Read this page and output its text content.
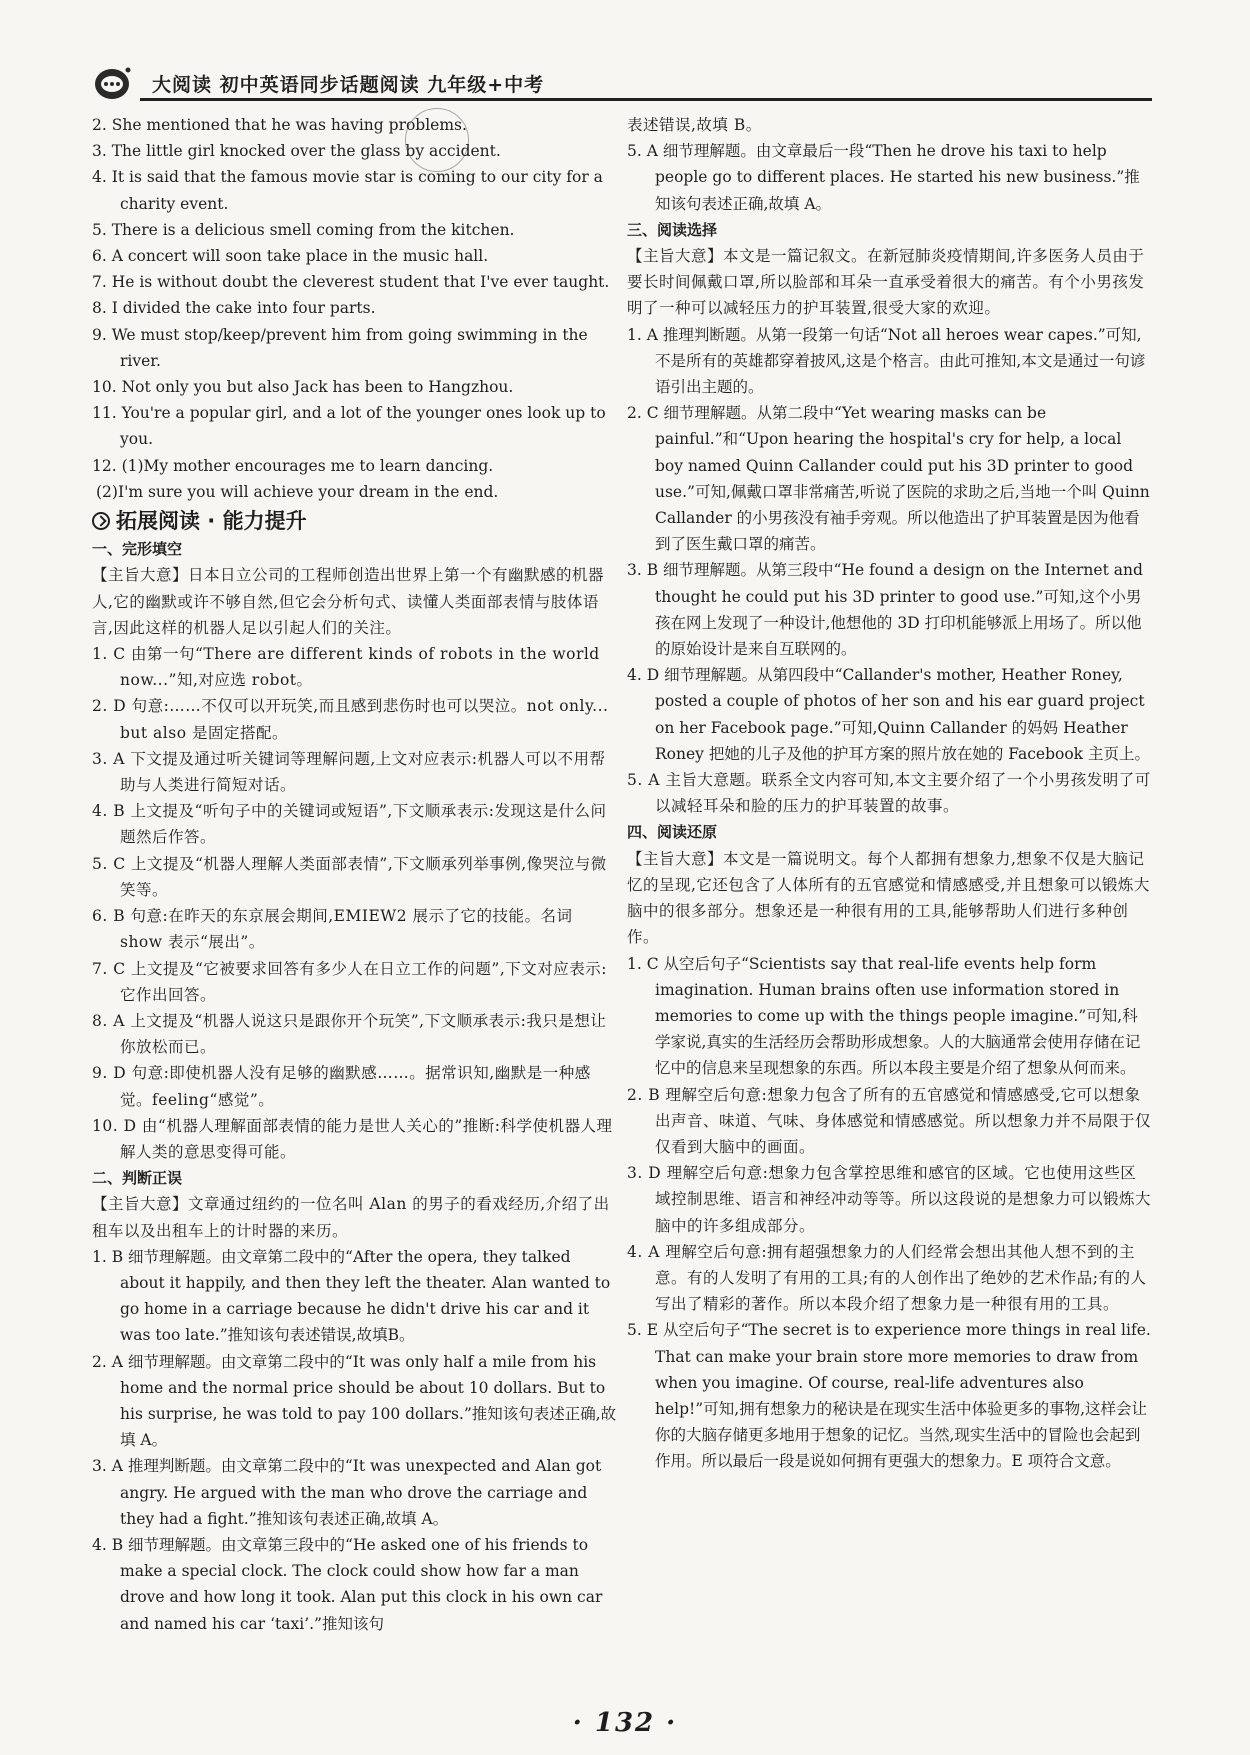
大阅读 初中英语同步话题阅读 九年级+中考

2. She mentioned that he was having problems.

3. The little girl knocked over the glass by accident.

4. It is said that the famous movie star is coming to our city for a charity event.

5. There is a delicious smell coming from the kitchen.

6. A concert will soon take place in the music hall.

7. He is without doubt the cleverest student that I've ever taught.

8. I divided the cake into four parts.

9. We must stop/keep/prevent him from going swimming in the river.

10. Not only you but also Jack has been to Hangzhou.

11. You're a popular girl, and a lot of the younger ones look up to you.

12. (1)My mother encourages me to learn dancing.

(2)I'm sure you will achieve your dream in the end.

拓展阅读 · 能力提升

一、完形填空

【主旨大意】日本日立公司的工程师创造出世界上第一个有幽默感的机器人,它的幽默或许不够自然,但它会分析句式、读懂人类面部表情与肢体语言,因此这样的机器人足以引起人们的关注。

1. C 由第一句“There are different kinds of robots in the world now...”知,对应选 robot。

2. D 句意:……不仅可以开玩笑,而且感到悲伤时也可以哭泣。not only... but also 是固定搭配。

3. A 下文提及通过听关键词等理解问题,上文对应表示:机器人可以不用帮助与人类进行简短对话。

4. B 上文提及“听句子中的关键词或短语”,下文顺承表示:发现这是什么问题然后作答。

5. C 上文提及“机器人理解人类面部表情”,下文顺承列举事例,像哭泣与微笑等。

6. B 句意:在昨天的东京展会期间,EMIEW2 展示了它的技能。名词 show 表示“展出”。

7. C 上文提及“它被要求回答有多少人在日立工作的问题”,下文对应表示:它作出回答。

8. A 上文提及“机器人说这只是跟你开个玩笑”,下文顺承表示:我只是想让你放松而已。

9. D 句意:即使机器人没有足够的幽默感……。据常识知,幽默是一种感觉。feeling“感觉”。

10. D 由“机器人理解面部表情的能力是世人关心的”推断:科学使机器人理解人类的意思变得可能。

二、判断正误

【主旨大意】文章通过纽约的一位名叫 Alan 的男子的看戏经历,介绍了出租车以及出租车上的计时器的来历。

1. B 细节理解题。由文章第二段中的“After the opera, they talked about it happily, and then they left the theater. Alan wanted to go home in a carriage because he didn't drive his car and it was too late.”推知该句表述错误,故填B。

2. A 细节理解题。由文章第二段中的“It was only half a mile from his home and the normal price should be about 10 dollars. But to his surprise, he was told to pay 100 dollars.”推知该句表述正确,故填 A。

3. A 推理判断题。由文章第二段中的“It was unexpected and Alan got angry. He argued with the man who drove the carriage and they had a fight.”推知该句表述正确,故填 A。

4. B 细节理解题。由文章第三段中的“He asked one of his friends to make a special clock. The clock could show how far a man drove and how long it took. Alan put this clock in his own car and named his car ‘taxi’.”推知该句

表述错误,故填 B。

5. A 细节理解题。由文章最后一段“Then he drove his taxi to help people go to different places. He started his new business.”推知该句表述正确,故填 A。

三、阅读选择

【主旨大意】本文是一篇记叙文。在新冠肺炎疫情期间,许多医务人员由于要长时间佩戴口罩,所以脸部和耳朵一直承受着很大的痛苦。有个小男孩发明了一种可以减轻压力的护耳装置,很受大家的欢迎。

1. A 推理判断题。从第一段第一句话“Not all heroes wear capes.”可知,不是所有的英雄都穿着披风,这是个格言。由此可推知,本文是通过一句谚语引出主题的。

2. C 细节理解题。从第二段中“Yet wearing masks can be painful.”和“Upon hearing the hospital's cry for help, a local boy named Quinn Callander could put his 3D printer to good use.”可知,佩戴口罩非常痛苦,听说了医院的求助之后,当地一个叫 Quinn Callander 的小男孩没有袖手旁观。所以他造出了护耳装置是因为他看到了医生戴口罩的痛苦。

3. B 细节理解题。从第三段中“He found a design on the Internet and thought he could put his 3D printer to good use.”可知,这个小男孩在网上发现了一种设计,他想他的 3D 打印机能够派上用场了。所以他的原始设计是来自互联网的。

4. D 细节理解题。从第四段中“Callander's mother, Heather Roney, posted a couple of photos of her son and his ear guard project on her Facebook page.”可知,Quinn Callander 的妈妈 Heather Roney 把她的儿子及他的护耳方案的照片放在她的 Facebook 主页上。

5. A 主旨大意题。联系全文内容可知,本文主要介绍了一个小男孩发明了可以减轻耳朵和脸的压力的护耳装置的故事。

四、阅读还原

【主旨大意】本文是一篇说明文。每个人都拥有想象力,想象不仅是大脑记忆的呈现,它还包含了人体所有的五官感觉和情感感受,并且想象可以锻炼大脑中的很多部分。想象还是一种很有用的工具,能够帮助人们进行多种创作。

1. C 从空后句子“Scientists say that real-life events help form imagination. Human brains often use information stored in memories to come up with the things people imagine.”可知,科学家说,真实的生活经历会帮助形成想象。人的大脑通常会使用存储在记忆中的信息来呈现想象的东西。所以本段主要是介绍了想象从何而来。

2. B 理解空后句意:想象力包含了所有的五官感觉和情感感受,它可以想象出声音、味道、气味、身体感觉和情感感觉。所以想象力并不局限于仅仅看到大脑中的画面。

3. D 理解空后句意:想象力包含掌控思维和感官的区域。它也使用这些区域控制思维、语言和神经冲动等等。所以这段说的是想象力可以锻炼大脑中的许多组成部分。

4. A 理解空后句意:拥有超强想象力的人们经常会想出其他人想不到的主意。有的人发明了有用的工具;有的人创作出了绝妙的艺术作品;有的人写出了精彩的著作。所以本段介绍了想象力是一种很有用的工具。

5. E 从空后句子“The secret is to experience more things in real life. That can make your brain store more memories to draw from when you imagine. Of course, real-life adventures also help!”可知,拥有想象力的秘诀是在现实生活中体验更多的事物,这样会让你的大脑存储更多地用于想象的记忆。当然,现实生活中的冒险也会起到作用。所以最后一段是说如何拥有更强大的想象力。E 项符合文意。

· 132 ·
